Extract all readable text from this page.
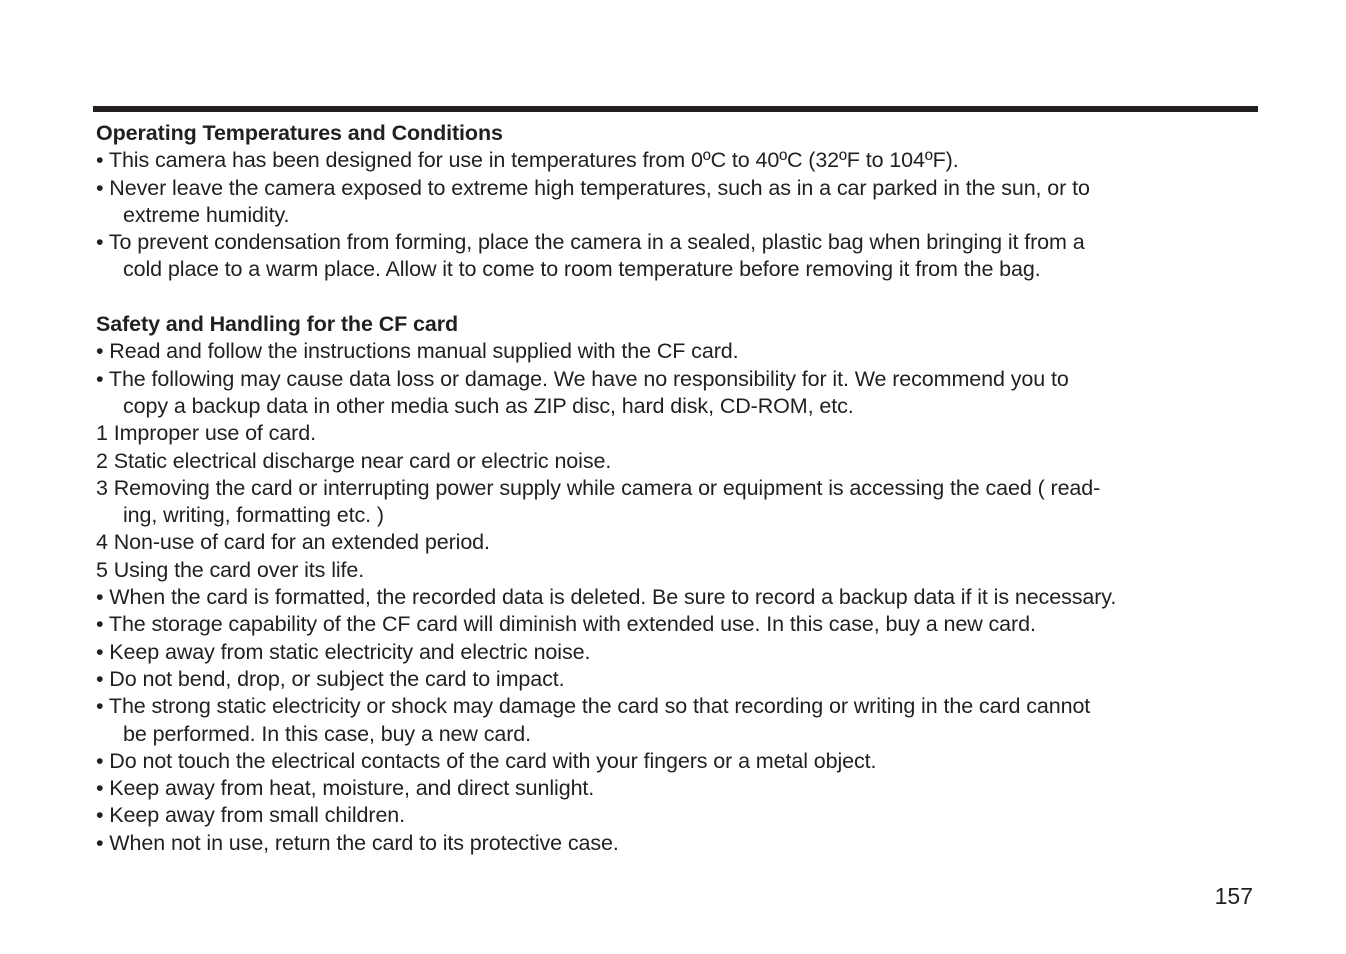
Operating Temperatures and Conditions

• This camera has been designed for use in temperatures from 0ºC to 40ºC (32ºF to 104ºF).

• Never leave the camera exposed to extreme high temperatures, such as in a car parked in the sun, or to

extreme humidity.

• To prevent condensation from forming, place the camera in a sealed, plastic bag when bringing it from a

cold place to a warm place. Allow it to come to room temperature before removing it from the bag.

Safety and Handling for the CF card

• Read and follow the instructions manual supplied with the CF card.

• The following may cause data loss or damage. We have no responsibility for it. We recommend you to

copy a backup data in other media such as ZIP disc, hard disk, CD-ROM, etc.

1 Improper use of card.

2 Static electrical discharge near card or electric noise.

3 Removing the card or interrupting power supply while camera or equipment is accessing the caed ( read-

ing, writing, formatting etc. )

4 Non-use of card for an extended period.

5 Using the card over its life.

• When the card is formatted, the recorded data is deleted. Be sure to record a backup data if it is necessary.

• The storage capability of the CF card will diminish with extended use. In this case, buy a new card.

• Keep away from static electricity and electric noise.

• Do not bend, drop, or subject the card to impact.

• The strong static electricity or shock may damage the card so that recording or writing in the card cannot

be performed. In this case, buy a new card.

• Do not touch the electrical contacts of the card with your fingers or a metal object.

• Keep away from heat, moisture, and direct sunlight.

• Keep away from small children.

• When not in use, return the card to its protective case.

157
